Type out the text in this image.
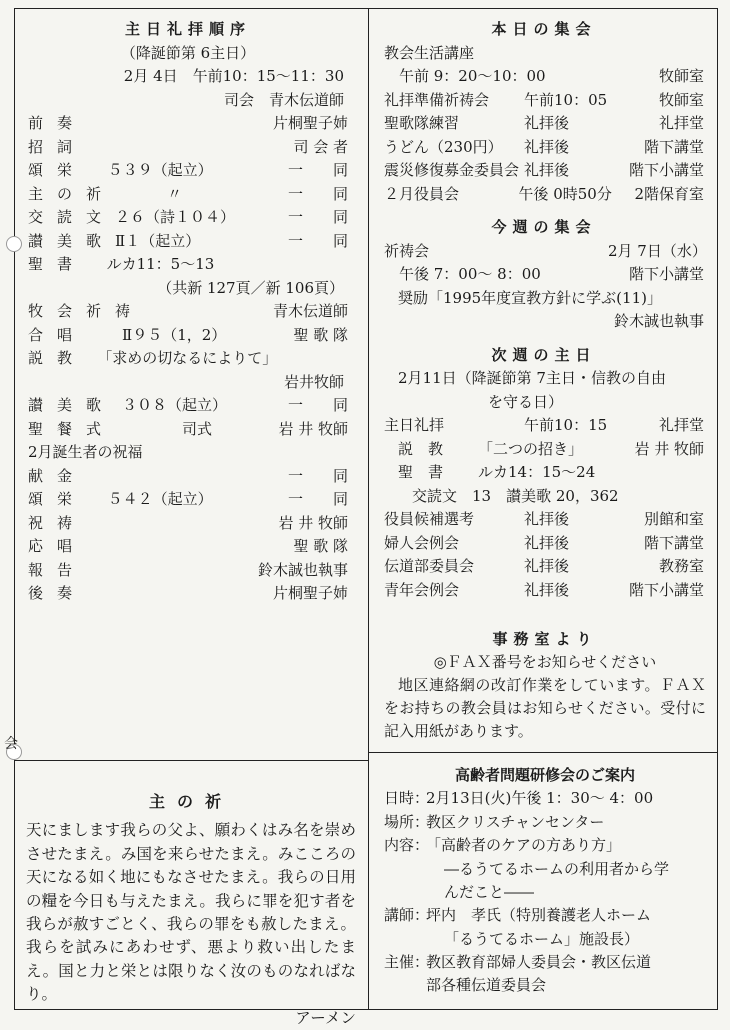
会
主日礼拝順序
（降誕節第 6主日）
2月 4日　午前10：15〜11：30
司会　青木伝道師
前奏	片桐聖子姉
招詞	司 会 者
頌栄	５３９（起立）	一　　同
主の祈 　　　〃	一　　同
交読文 ２６（詩１０４）	一　　同
讃美歌 Ⅱ１（起立）	一　　同
聖書	ルカ11：5〜13
（共新 127頁／新 106頁）
牧会祈祷	青木伝道師
合唱	Ⅱ９５（1，2）	聖 歌 隊
説教 「求めの切なるによりて」
岩井牧師
讃美歌 ３０８（起立）	一　　同
聖餐式 　　　　司式	岩 井 牧師
2月誕生者の祝福
献金	一　　同
頌栄	５４２（起立）	一　　同
祝祷	岩 井 牧師
応唱	聖 歌 隊
報告	鈴木誠也執事
後奏	片桐聖子姉
主の祈
天にまします我らの父よ、願わくはみ名を崇めさせたまえ。み国を来らせたまえ。みこころの天になる如く地にもなさせたまえ。我らの日用の糧を今日も与えたまえ。我らに罪を犯す者を我らが赦すごとく、我らの罪をも赦したまえ。我らを試みにあわせず、悪より救い出したまえ。国と力と栄とは限りなく汝のものなればなり。
アーメン
本日の集会
教会生活講座
　午前 9：20〜10：00	牧師室
礼拝準備祈祷会	午前10：05	牧師室
聖歌隊練習	礼拝後	礼拝堂
うどん（230円）	礼拝後	階下講堂
震災修復募金委員会 礼拝後	階下小講堂
２月役員会	午後 0時50分	2階保育室
今週の集会
祈祷会	2月 7日（水）
　午後 7：00〜 8：00	階下小講堂
奨励「1995年度宣教方針に学ぶ(11)」
鈴木誠也執事
次週の主日
2月11日（降誕節第 7主日・信教の自由
を守る日）
主日礼拝	午前10：15	礼拝堂
説　教	「二つの招き」	岩 井 牧師
聖　書	ルカ14：15〜24
交読文　13　讃美歌 20，362
役員候補選考	礼拝後	別館和室
婦人会例会	礼拝後	階下講堂
伝道部委員会	礼拝後	教務室
青年会例会	礼拝後	階下小講堂
事務室より
◎ＦＡＸ番号をお知らせください
地区連絡網の改訂作業をしています。ＦＡＸをお持ちの教会員はお知らせください。受付に記入用紙があります。
高齢者問題研修会のご案内
日時：
2月13日(火)午後 1：30〜 4：00
場所：
教区クリスチャンセンター
内容：
「高齢者のケアの方あり方」
―るうてるホームの利用者から学
んだこと――
講師：
坪内　孝氏（特別養護老人ホーム
「るうてるホーム」施設長）
主催：
教区教育部婦人委員会・教区伝道
部各種伝道委員会
